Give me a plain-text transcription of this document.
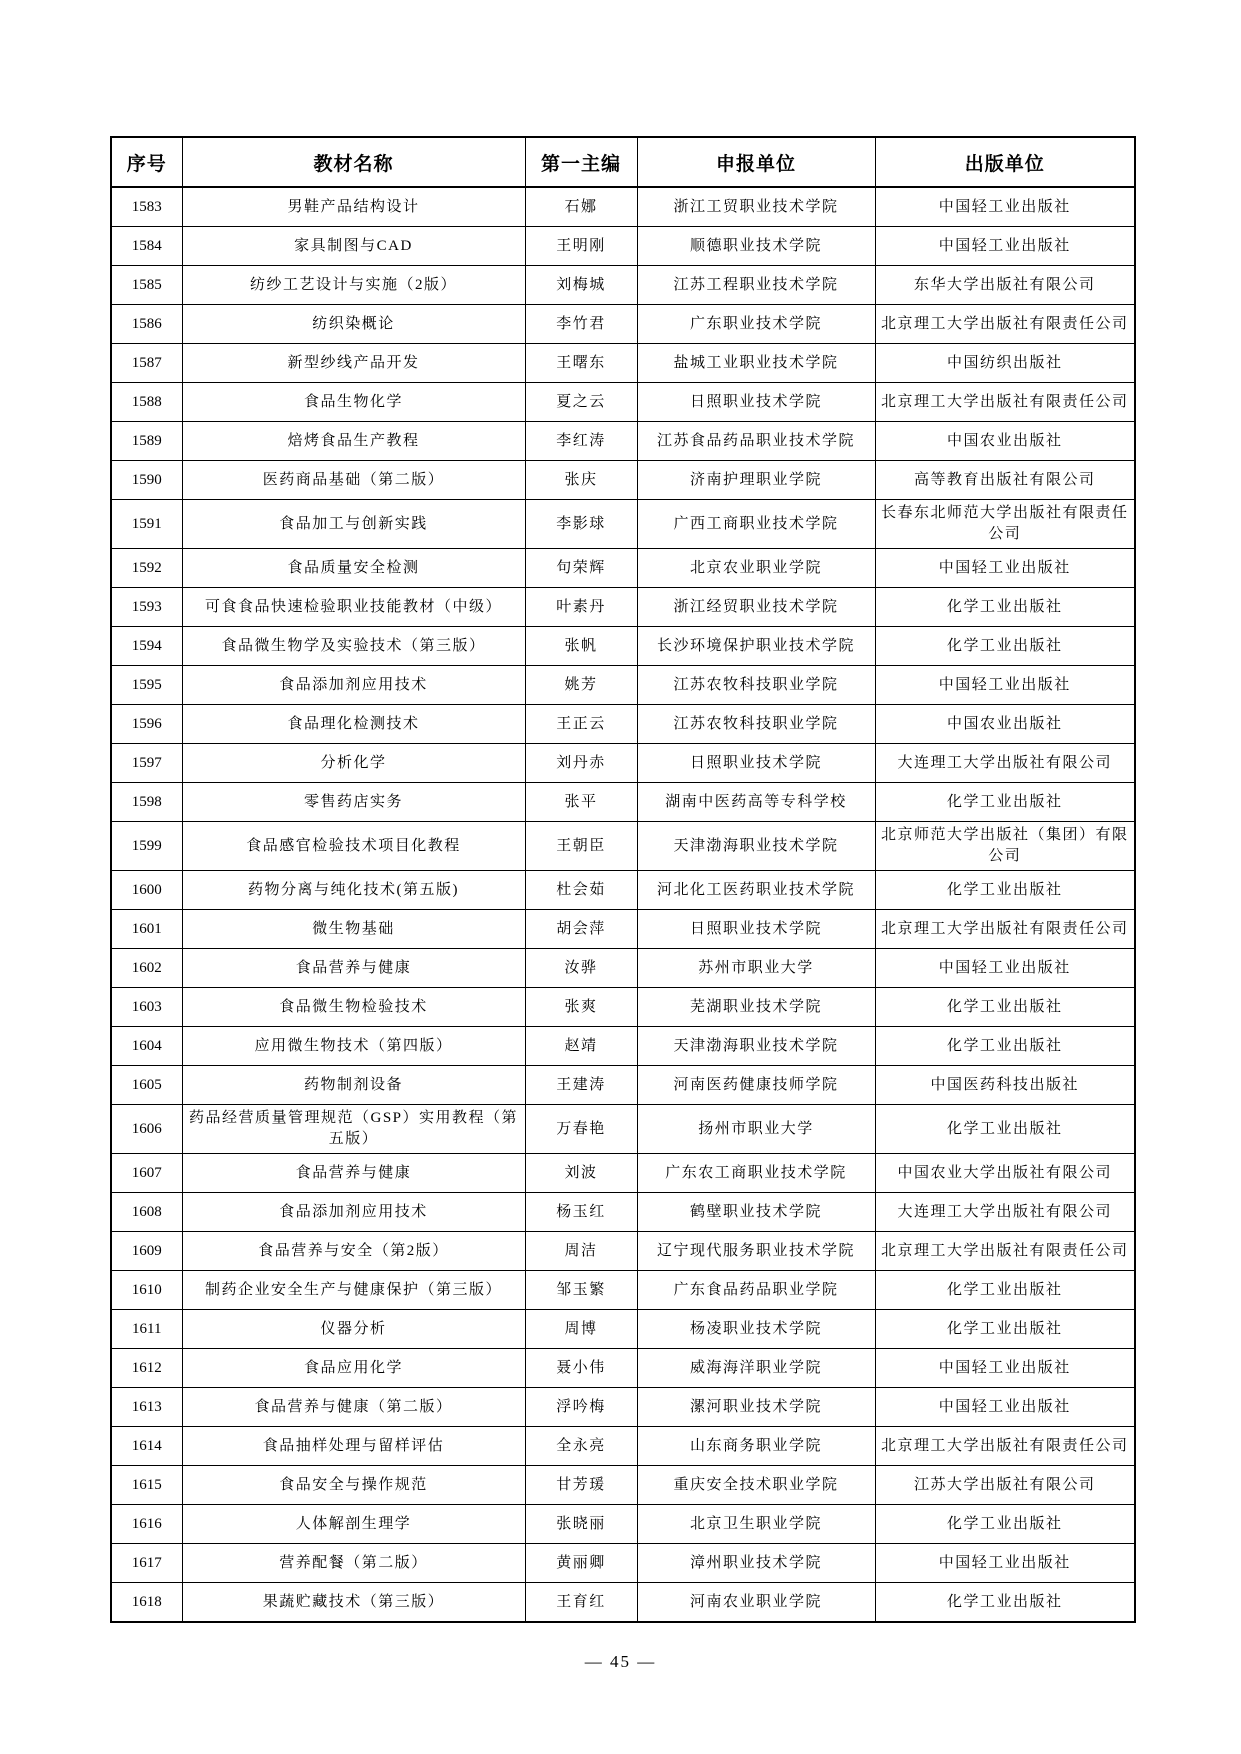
序号	教材名称	第一主编	申报单位	出版单位
1583	男鞋产品结构设计	石娜	浙江工贸职业技术学院	中国轻工业出版社
1584	家具制图与CAD	王明刚	顺德职业技术学院	中国轻工业出版社
1585	纺纱工艺设计与实施（2版）	刘梅城	江苏工程职业技术学院	东华大学出版社有限公司
1586	纺织染概论	李竹君	广东职业技术学院	北京理工大学出版社有限责任公司
1587	新型纱线产品开发	王曙东	盐城工业职业技术学院	中国纺织出版社
1588	食品生物化学	夏之云	日照职业技术学院	北京理工大学出版社有限责任公司
1589	焙烤食品生产教程	李红涛	江苏食品药品职业技术学院	中国农业出版社
1590	医药商品基础（第二版）	张庆	济南护理职业学院	高等教育出版社有限公司
1591	食品加工与创新实践	李影球	广西工商职业技术学院	长春东北师范大学出版社有限责任公司
1592	食品质量安全检测	句荣辉	北京农业职业学院	中国轻工业出版社
1593	可食食品快速检验职业技能教材（中级）	叶素丹	浙江经贸职业技术学院	化学工业出版社
1594	食品微生物学及实验技术（第三版）	张帆	长沙环境保护职业技术学院	化学工业出版社
1595	食品添加剂应用技术	姚芳	江苏农牧科技职业学院	中国轻工业出版社
1596	食品理化检测技术	王正云	江苏农牧科技职业学院	中国农业出版社
1597	分析化学	刘丹赤	日照职业技术学院	大连理工大学出版社有限公司
1598	零售药店实务	张平	湖南中医药高等专科学校	化学工业出版社
1599	食品感官检验技术项目化教程	王朝臣	天津渤海职业技术学院	北京师范大学出版社（集团）有限公司
1600	药物分离与纯化技术(第五版)	杜会茹	河北化工医药职业技术学院	化学工业出版社
1601	微生物基础	胡会萍	日照职业技术学院	北京理工大学出版社有限责任公司
1602	食品营养与健康	汝骅	苏州市职业大学	中国轻工业出版社
1603	食品微生物检验技术	张爽	芜湖职业技术学院	化学工业出版社
1604	应用微生物技术（第四版）	赵靖	天津渤海职业技术学院	化学工业出版社
1605	药物制剂设备	王建涛	河南医药健康技师学院	中国医药科技出版社
1606	药品经营质量管理规范（GSP）实用教程（第五版）	万春艳	扬州市职业大学	化学工业出版社
1607	食品营养与健康	刘波	广东农工商职业技术学院	中国农业大学出版社有限公司
1608	食品添加剂应用技术	杨玉红	鹤壁职业技术学院	大连理工大学出版社有限公司
1609	食品营养与安全（第2版）	周洁	辽宁现代服务职业技术学院	北京理工大学出版社有限责任公司
1610	制药企业安全生产与健康保护（第三版）	邹玉繁	广东食品药品职业学院	化学工业出版社
1611	仪器分析	周博	杨凌职业技术学院	化学工业出版社
1612	食品应用化学	聂小伟	威海海洋职业学院	中国轻工业出版社
1613	食品营养与健康（第二版）	浮吟梅	漯河职业技术学院	中国轻工业出版社
1614	食品抽样处理与留样评估	全永亮	山东商务职业学院	北京理工大学出版社有限责任公司
1615	食品安全与操作规范	甘芳瑗	重庆安全技术职业学院	江苏大学出版社有限公司
1616	人体解剖生理学	张晓丽	北京卫生职业学院	化学工业出版社
1617	营养配餐（第二版）	黄丽卿	漳州职业技术学院	中国轻工业出版社
1618	果蔬贮藏技术（第三版）	王育红	河南农业职业学院	化学工业出版社
— 45 —
